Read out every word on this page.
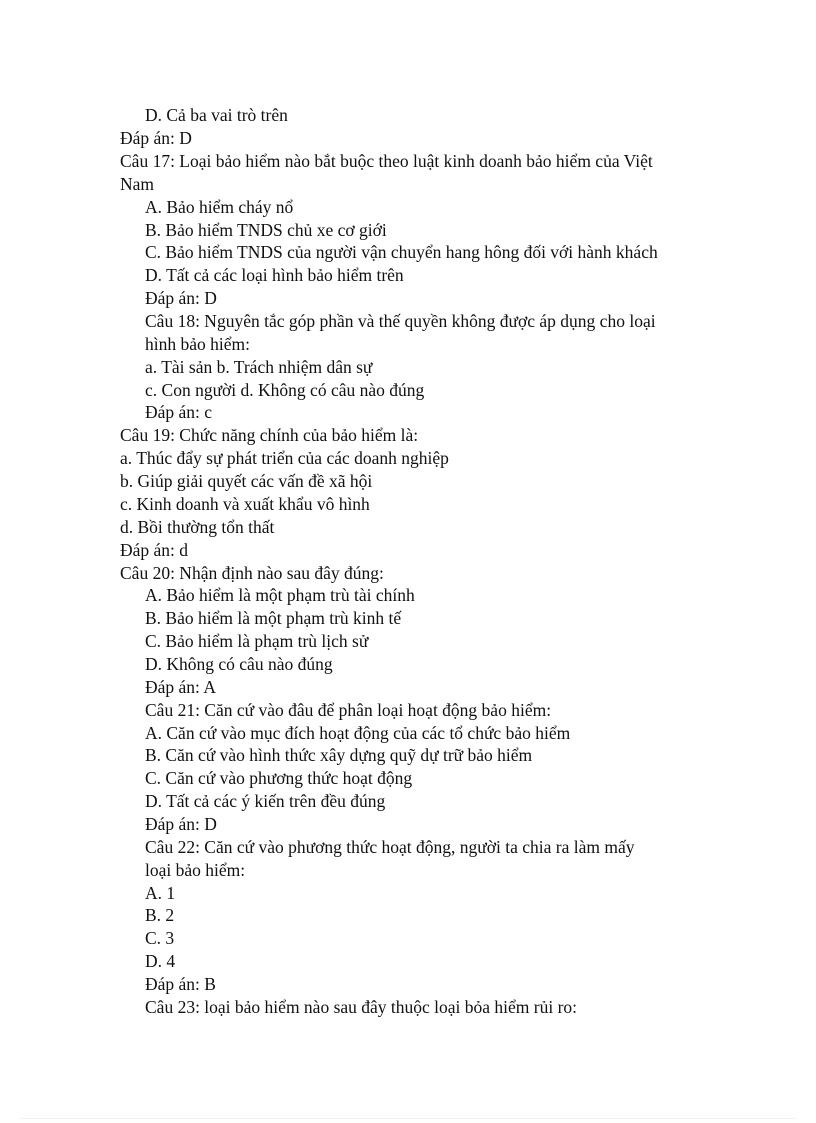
D. Cả ba vai trò trên
Đáp án: D
Câu 17: Loại bảo hiểm nào bắt buộc theo luật kinh doanh bảo hiểm của Việt
Nam
A. Bảo hiểm cháy nổ
B. Bảo hiểm TNDS chủ xe cơ giới
C. Bảo hiểm TNDS của người vận chuyển hang hông đối với hành khách
D. Tất cả các loại hình bảo hiểm trên
Đáp án: D
Câu 18: Nguyên tắc góp phần và thế quyền không được áp dụng cho loại
hình bảo hiểm:
a. Tài sản b. Trách nhiệm dân sự
c. Con người d. Không có câu nào đúng
Đáp án: c
Câu 19: Chức năng chính của bảo hiểm là:
a. Thúc đẩy sự phát triển của các doanh nghiệp
b. Giúp giải quyết các vấn đề xã hội
c. Kinh doanh và xuất khẩu vô hình
d. Bồi thường tổn thất
Đáp án: d
Câu 20: Nhận định nào sau đây đúng:
A. Bảo hiểm là một phạm trù tài chính
B. Bảo hiểm là một phạm trù kinh tế
C. Bảo hiểm là phạm trù lịch sử
D. Không có câu nào đúng
Đáp án: A
Câu 21: Căn cứ vào đâu để phân loại hoạt động bảo hiểm:
A. Căn cứ vào mục đích hoạt động của các tổ chức bảo hiểm
B. Căn cứ vào hình thức xây dựng quỹ dự trữ bảo hiểm
C. Căn cứ vào phương thức hoạt động
D. Tất cả các ý kiến trên đều đúng
Đáp án: D
Câu 22: Căn cứ vào phương thức hoạt động, người ta chia ra làm mấy
loại bảo hiểm:
A. 1
B. 2
C. 3
D. 4
Đáp án: B
Câu 23: loại bảo hiểm nào sau đây thuộc loại bỏa hiểm rủi ro:
